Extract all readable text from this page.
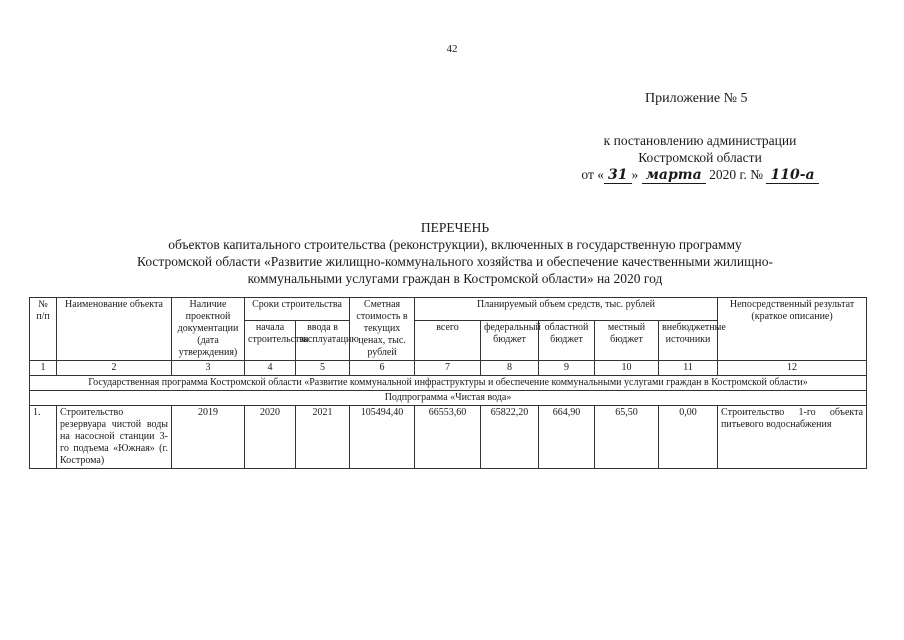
42
Приложение № 5
к постановлению администрации
Костромской области
от « 31 » марта 2020 г. № 110-а
ПЕРЕЧЕНЬ
объектов капитального строительства (реконструкции), включенных в государственную программу
Костромской области «Развитие жилищно-коммунального хозяйства и обеспечение качественными жилищно-
коммунальными услугами граждан в Костромской области» на 2020 год
№ п/п	Наименование объекта	Наличие проектной документации (дата утверждения)	Сроки строительства		Сметная стоимость в текущих ценах, тыс. рублей	Планируемый объем средств, тыс. рублей					Непосредственный результат (краткое описание)
			начала строительства	ввода в эксплуатацию		всего	федеральный бюджет	областной бюджет	местный бюджет	внебюджетные источники	
1	2	3	4	5	6	7	8	9	10	11	12
Государственная программа Костромской области «Развитие коммунальной инфраструктуры и обеспечение коммунальными услугами граждан в Костромской области»											
Подпрограмма «Чистая вода»											
1.	Строительство резервуара чистой воды на насосной станции 3-го подъема «Южная» (г. Кострома)	2019	2020	2021	105494,40	66553,60	65822,20	664,90	65,50	0,00	Строительство 1-го объекта питьевого водоснабжения
